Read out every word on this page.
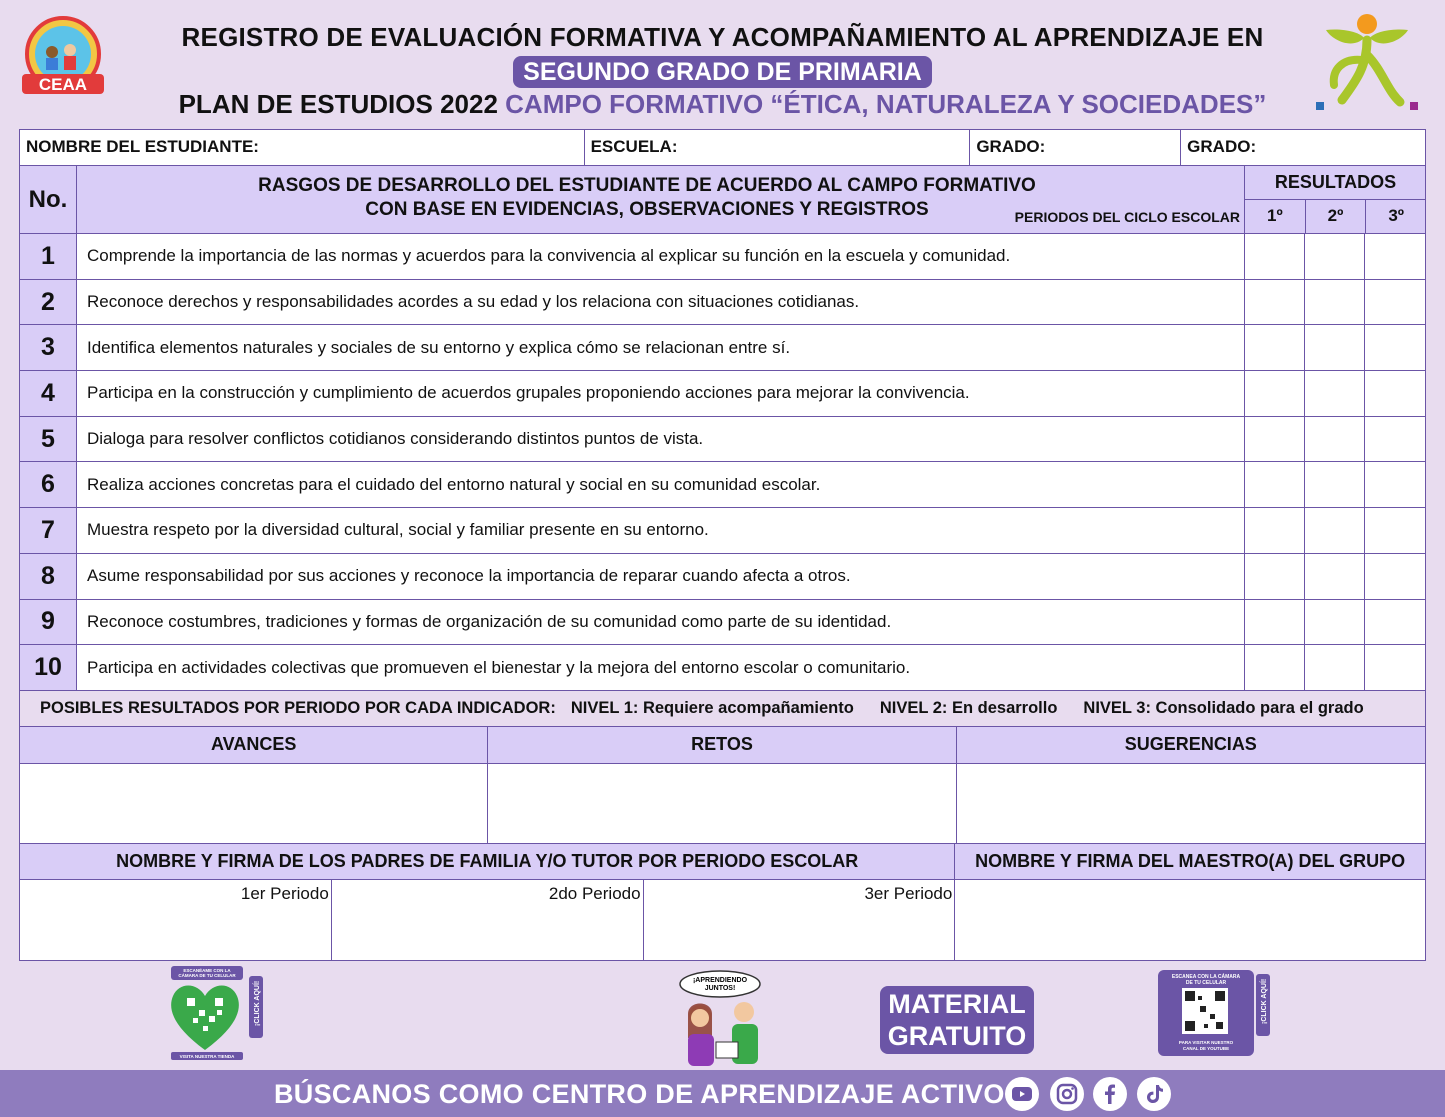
CEAA
REGISTRO DE EVALUACIÓN FORMATIVA Y ACOMPAÑAMIENTO AL APRENDIZAJE EN
SEGUNDO GRADO DE PRIMARIA
PLAN DE ESTUDIOS 2022 CAMPO FORMATIVO “ÉTICA, NATURALEZA Y SOCIEDADES”
NOMBRE DEL ESTUDIANTE:	ESCUELA:	GRADO:	GRADO:
No.	RASGOS DE DESARROLLO DEL ESTUDIANTE DE ACUERDO AL CAMPO FORMATIVO
CON BASE EN EVIDENCIAS, OBSERVACIONES Y REGISTROS	PERIODOS DEL CICLO ESCOLAR
RESULTADOS
1º	2º	3º
1	Comprende la importancia de las normas y acuerdos para la convivencia al explicar su función en la escuela y comunidad.
2	Reconoce derechos y responsabilidades acordes a su edad y los relaciona con situaciones cotidianas.
3	Identifica elementos naturales y sociales de su entorno y explica cómo se relacionan entre sí.
4	Participa en la construcción y cumplimiento de acuerdos grupales proponiendo acciones para mejorar la convivencia.
5	Dialoga para resolver conflictos cotidianos considerando distintos puntos de vista.
6	Realiza acciones concretas para el cuidado del entorno natural y social en su comunidad escolar.
7	Muestra respeto por la diversidad cultural, social y familiar presente en su entorno.
8	Asume responsabilidad por sus acciones y reconoce la importancia de reparar cuando afecta a otros.
9	Reconoce costumbres, tradiciones y formas de organización de su comunidad como parte de su identidad.
10	Participa en actividades colectivas que promueven el bienestar y la mejora del entorno escolar o comunitario.
POSIBLES RESULTADOS POR PERIODO POR CADA INDICADOR: NIVEL 1: Requiere acompañamiento NIVEL 2: En desarrollo NIVEL 3: Consolidado para el grado
AVANCES	RETOS	SUGERENCIAS
NOMBRE Y FIRMA DE LOS PADRES DE FAMILIA Y/O TUTOR POR PERIODO ESCOLAR	NOMBRE Y FIRMA DEL MAESTRO(A) DEL GRUPO
1er Periodo	2do Periodo	3er Periodo
ESCANÉAME CON LA
CÁMARA DE TU CELULAR
¡CLICK AQUÍ!
VISITA NUESTRA TIENDA
¡APRENDIENDO
JUNTOS!
MATERIAL
GRATUITO
ESCANEA CON LA CÁMARA
DE TU CELULAR
PARA VISITAR NUESTRO
CANAL DE YOUTUBE
¡CLICK AQUÍ!
BÚSCANOS COMO CENTRO DE APRENDIZAJE ACTIVO
